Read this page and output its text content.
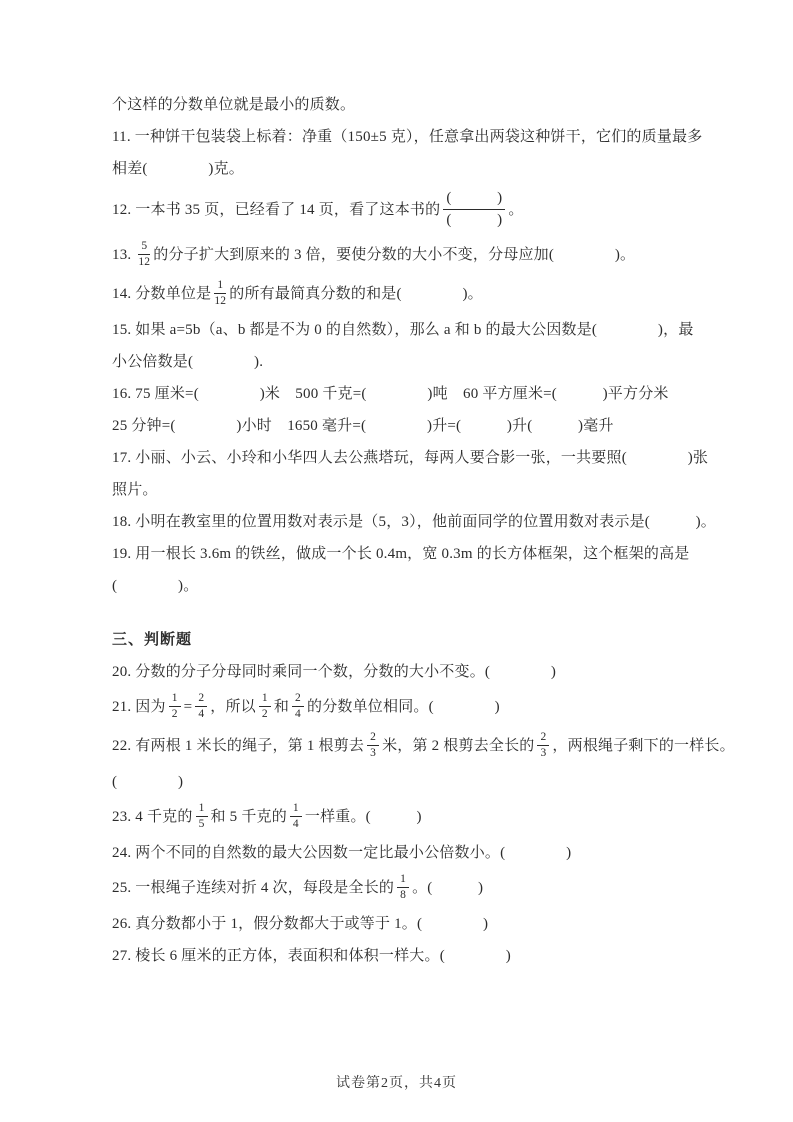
个这样的分数单位就是最小的质数。
11. 一种饼干包装袋上标着：净重（150±5 克），任意拿出两袋这种饼干，它们的质量最多
相差(　　　　)克。
12. 一本书 35 页，已经看了 14 页，看了这本书的 $\frac{( )}{( )}$ 。
13. $\frac{5}{12}$ 的分子扩大到原来的 3 倍，要使分数的大小不变，分母应加(　　　　)。
14. 分数单位是 $\frac{1}{12}$ 的所有最简真分数的和是(　　　　)。
15. 如果 a=5b（a、b 都是不为 0 的自然数），那么 a 和 b 的最大公因数是(　　　　)，最
小公倍数是(　　　　).
16. 75 厘米=(　　　　)米　500 千克=(　　　　)吨　60 平方厘米=(　　　)平方分米
25 分钟=(　　　　)小时　1650 毫升=(　　　　)升=(　　　)升(　　　)毫升
17. 小丽、小云、小玲和小华四人去公燕塔玩，每两人要合影一张，一共要照(　　　　)张
照片。
18. 小明在教室里的位置用数对表示是（5，3），他前面同学的位置用数对表示是(　　　)。
19. 用一根长 3.6m 的铁丝，做成一个长 0.4m，宽 0.3m 的长方体框架，这个框架的高是
(　　　　)。
三、判断题
20. 分数的分子分母同时乘同一个数，分数的大小不变。(　　　　)
21. 因为 $\frac{1}{2} = \frac{2}{4}$ ，所以 $\frac{1}{2}$ 和 $\frac{2}{4}$ 的分数单位相同。(　　　　)
22. 有两根 1 米长的绳子，第 1 根剪去 $\frac{2}{3}$ 米，第 2 根剪去全长的 $\frac{2}{3}$ ，两根绳子剩下的一样长。
(　　　　)
23. 4 千克的 $\frac{1}{5}$ 和 5 千克的 $\frac{1}{4}$ 一样重。(　　　)
24. 两个不同的自然数的最大公因数一定比最小公倍数小。(　　　　)
25. 一根绳子连续对折 4 次，每段是全长的 $\frac{1}{8}$ 。(　　　)
26. 真分数都小于 1，假分数都大于或等于 1。(　　　　)
27. 棱长 6 厘米的正方体，表面积和体积一样大。(　　　　)
试卷第2页，共4页
